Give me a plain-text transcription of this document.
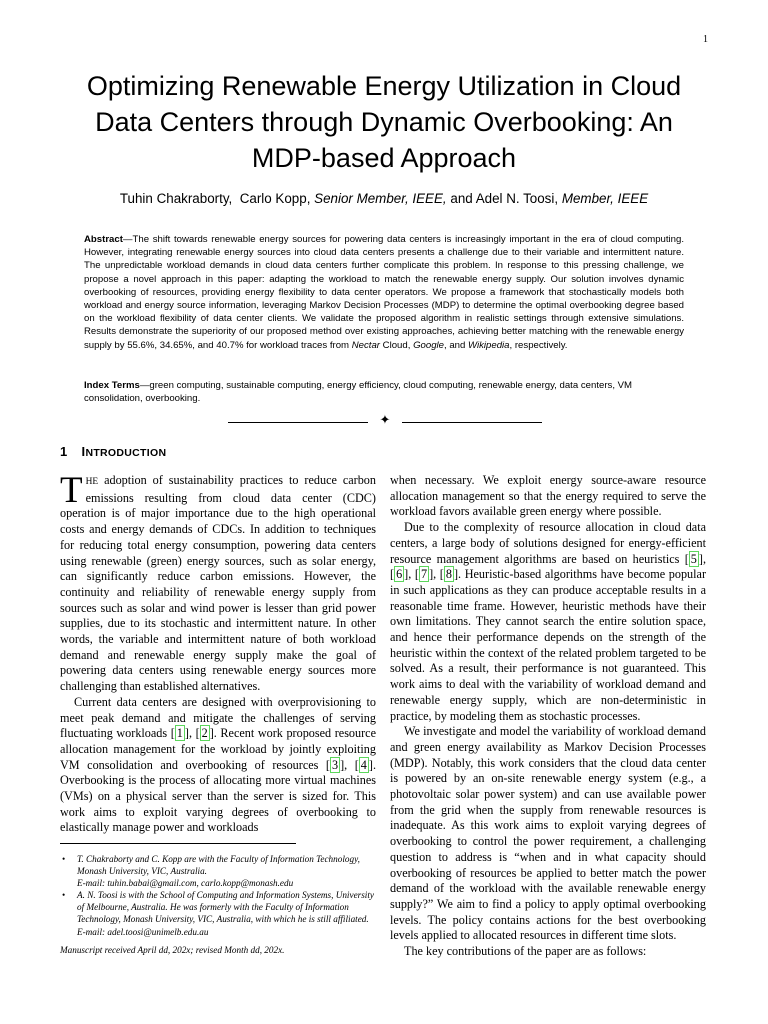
1
Optimizing Renewable Energy Utilization in Cloud Data Centers through Dynamic Overbooking: An MDP-based Approach
Tuhin Chakraborty, Carlo Kopp, Senior Member, IEEE, and Adel N. Toosi, Member, IEEE
Abstract—The shift towards renewable energy sources for powering data centers is increasingly important in the era of cloud computing. However, integrating renewable energy sources into cloud data centers presents a challenge due to their variable and intermittent nature. The unpredictable workload demands in cloud data centers further complicate this problem. In response to this pressing challenge, we propose a novel approach in this paper: adapting the workload to match the renewable energy supply. Our solution involves dynamic overbooking of resources, providing energy flexibility to data center operators. We propose a framework that stochastically models both workload and energy source information, leveraging Markov Decision Processes (MDP) to determine the optimal overbooking degree based on the workload flexibility of data center clients. We validate the proposed algorithm in realistic settings through extensive simulations. Results demonstrate the superiority of our proposed method over existing approaches, achieving better matching with the renewable energy supply by 55.6%, 34.65%, and 40.7% for workload traces from Nectar Cloud, Google, and Wikipedia, respectively.
Index Terms—green computing, sustainable computing, energy efficiency, cloud computing, renewable energy, data centers, VM consolidation, overbooking.
✦
1 INTRODUCTION

THE adoption of sustainability practices to reduce carbon emissions resulting from cloud data center (CDC) operation is of major importance due to the high operational costs and energy demands of CDCs. In addition to techniques for reducing total energy consumption, powering data centers using renewable (green) energy sources, such as solar energy, can significantly reduce carbon emissions. However, the continuity and reliability of renewable energy supply from sources such as solar and wind power is lesser than grid power supplies, due to its stochastic and intermittent nature. In other words, the variable and intermittent nature of both workload demand and renewable energy supply make the goal of powering data centers using renewable energy sources more challenging than established alternatives.

Current data centers are designed with overprovisioning to meet peak demand and mitigate the challenges of serving fluctuating workloads [ 1 ], [ 2 ]. Recent work proposed resource allocation management for the workload by jointly exploiting VM consolidation and overbooking of resources [ 3 ], [ 4 ]. Overbooking is the process of allocating more virtual machines (VMs) on a physical server than the server is sized for. This work aims to exploit varying degrees of overbooking to elastically manage power and workloads

when necessary. We exploit energy source-aware resource allocation management so that the energy required to serve the workload favors available green energy where possible.

Due to the complexity of resource allocation in cloud data centers, a large body of solutions designed for energy-efficient resource management algorithms are based on heuristics [ 5 ], [ 6 ], [ 7 ], [ 8 ]. Heuristic-based algorithms have become popular in such applications as they can produce acceptable results in a reasonable time frame. However, heuristic methods have their own limitations. They cannot search the entire solution space, and hence their performance depends on the strength of the heuristic within the context of the related problem targeted to be solved. As a result, their performance is not guaranteed. This work aims to deal with the variability of workload demand and renewable energy supply, which are non-deterministic in practice, by modeling them as stochastic processes.

We investigate and model the variability of workload demand and green energy availability as Markov Decision Processes (MDP). Notably, this work considers that the cloud data center is powered by an on-site renewable energy system (e.g., a photovoltaic solar power system) and can use available power from the grid when the supply from renewable resources is inadequate. As this work aims to exploit varying degrees of overbooking to control the power requirement, a challenging question to address is “when and in what capacity should overbooking of resources be applied to better match the power demand of the workload with the available renewable energy supply?” We aim to find a policy to apply optimal overbooking levels. The policy contains actions for the best overbooking levels applied to allocated resources in different time slots.

The key contributions of the paper are as follows:

• T. Chakraborty and C. Kopp are with the Faculty of Information Technology, Monash University, VIC, Australia.
E-mail: tuhin.babai@gmail.com, carlo.kopp@monash.edu
• A. N. Toosi is with the School of Computing and Information Systems, University of Melbourne, Australia. He was formerly with the Faculty of Information Technology, Monash University, VIC, Australia, with which he is still affiliated.
E-mail: adel.toosi@unimelb.edu.au
Manuscript received April dd, 202x; revised Month dd, 202x.
